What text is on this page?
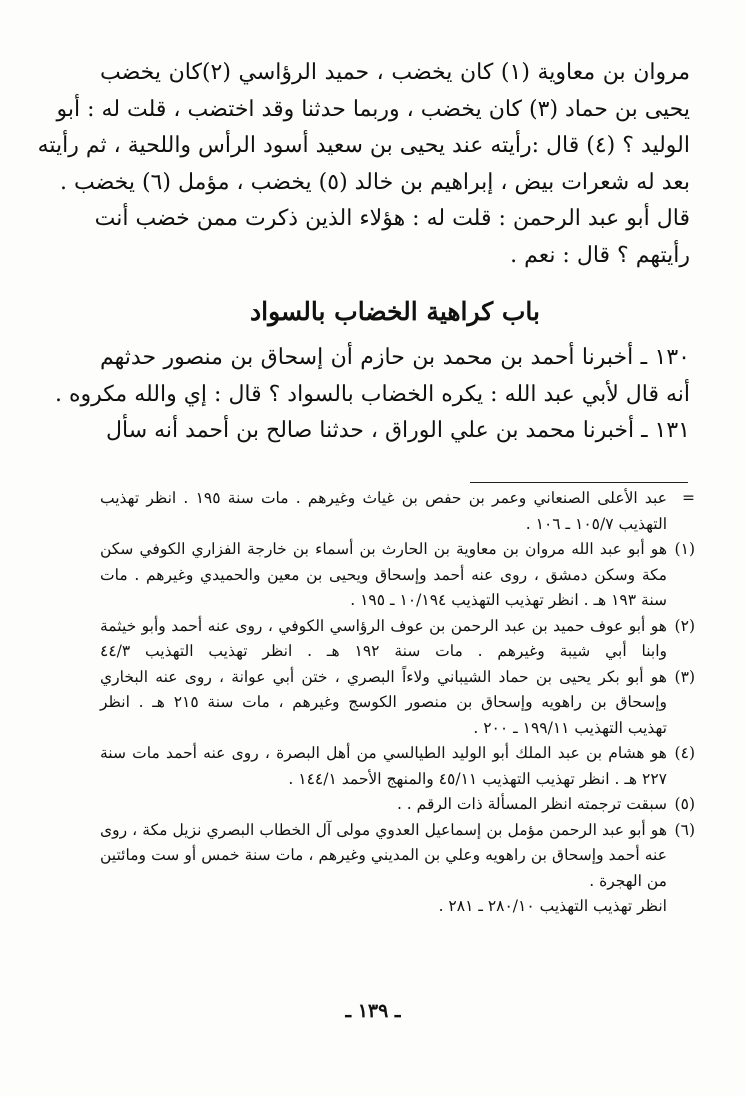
مروان بن معاوية (١) كان يخضب ، حميد الرؤاسي (٢)كان يخضب
يحيى بن حماد (٣) كان يخضب ، وربما حدثنا وقد اختضب ، قلت له : أبو
الوليد ؟ (٤) قال :رأيته عند يحيى بن سعيد أسود الرأس واللحية ، ثم رأيته
بعد له شعرات بيض ، إبراهيم بن خالد (٥) يخضب ، مؤمل (٦) يخضب .
قال أبو عبد الرحمن : قلت له : هؤلاء الذين ذكرت ممن خضب أنت
رأيتهم ؟ قال : نعم .
باب كراهية الخضاب بالسواد
١٣٠ ـ أخبرنا أحمد بن محمد بن حازم أن إسحاق بن منصور حدثهم
أنه قال لأبي عبد الله : يكره الخضاب بالسواد ؟ قال : إي والله مكروه .
١٣١ ـ أخبرنا محمد بن علي الوراق ، حدثنا صالح بن أحمد أنه سأل
=
عبد الأعلى الصنعاني وعمر بن حفص بن غياث وغيرهم . مات سنة ١٩٥ . انظر تهذيب
التهذيب ١٠٥/٧ ـ ١٠٦ .
(١)
هو أبو عبد الله مروان بن معاوية بن الحارث بن أسماء بن خارجة الفزاري الكوفي سكن
مكة وسكن دمشق ، روى عنه أحمد وإسحاق ويحيى بن معين والحميدي وغيرهم . مات
سنة ١٩٣ هـ . انظر تهذيب التهذيب ١٠/١٩٤ ـ ١٩٥ .
(٢)
هو أبو عوف حميد بن عبد الرحمن بن عوف الرؤاسي الكوفي ، روى عنه أحمد وأبو خيثمة
وابنا أبي شيبة وغيرهم . مات سنة ١٩٢ هـ . انظر تهذيب التهذيب ٤٤/٣
(٣)
هو أبو بكر يحيى بن حماد الشيباني ولاءاً البصري ، ختن أبي عوانة ، روى عنه البخاري
وإسحاق بن راهويه وإسحاق بن منصور الكوسج وغيرهم ، مات سنة ٢١٥ هـ . انظر
تهذيب التهذيب ١٩٩/١١ ـ ٢٠٠ .
(٤)
هو هشام بن عبد الملك أبو الوليد الطيالسي من أهل البصرة ، روى عنه أحمد مات سنة
٢٢٧ هـ . انظر تهذيب التهذيب ٤٥/١١ والمنهج الأحمد ١٤٤/١ .
(٥)
سبقت ترجمته انظر المسألة ذات الرقم . .
(٦)
هو أبو عبد الرحمن مؤمل بن إسماعيل العدوي مولى آل الخطاب البصري نزيل مكة ، روى
عنه أحمد وإسحاق بن راهويه وعلي بن المديني وغيرهم ، مات سنة خمس أو ست ومائتين
من الهجرة .
انظر تهذيب التهذيب ٢٨٠/١٠ ـ ٢٨١ .
ـ ١٣٩ ـ
